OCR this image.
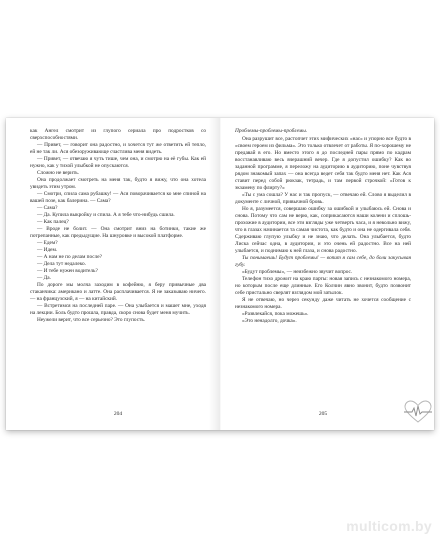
как Ангел смотрит из глупого сериала про подростков со сверхспособностями.

— Привет, — говорит она радостно, и хочется тут же ответить ей тепло, ей не так ли. Ася обезоруживающе счастлива меня видеть.

— Привет, — отвечаю я чуть тише, чем она, и смотрю на её губы. Как ей нужно, как у тихой улыбкой не опускаются.

Сложно не верить.

Она продолжает смотреть на меня так, будто я вижу, что она хотела увидеть этим утром.

— Смотри, спила сама рубашку! — Ася поворачивается ко мне спиной на вашей позе, как балерина. — Сама?

— Сама?

— Да. Купила выкройку и спила. А я тебе что-нибудь сшила.

— Как палец?

— Вроде не болит. — Она смотрит вниз на ботинки, такие же потрепанные, как предыдущие. На шнуровке и высокой платформе.

— Едем?

— Идем.

— А нам не по делам после?

— Дела тут недалеко.

— И тебе нужен водитель?

— Да.

По дороге мы молча заходим в кофейню, я беру привычные два стаканчика: американо и латте. Она расплачивается. Я не заказываю ничего. — на французский, я — на китайский.

— Встретимся на последней паре. — Она улыбается и машет мне, уходя на лекции. Боль будто прошла, правда, скоро снова будет меня мучить.

Неужели верит, что все серьезно? Это глупость.

Проблемы-проблемы-проблемы.

Она разрушит все, растопчет этих мифических «нас» и упорно все будто в «своем героем из фильма». Это только отвлечет от работы. Я по-хорошему не предавай в его. Но вместо этого я до последней пары прямо по кадрам восстанавливаю весь вчерашний вечер. Где я допустил ошибку? Как во заданной программе, я переложу на аудиторию в аудиторию, поне чувствуя рядом знакомый запах — она всегда ведет себя так будто меня нет. Как Ася ставит перед собой рюкзак, тетрадь, и там первой строчкой: «Готов к экзамену по флирту?»

«Ты с ума сошла? У нас и так пропуск, — отвечаю ей. Слово я выделил в документе с личной, привычной бровь.

Но я, разумеется, совершаю ошибку за ошибкой и улыбаюсь ей. Снова и снова. Потому что сам не верю, как, соприкасаются наши колени и сплошь-прохожие в аудитории, все эти взгляды уже четверть часа, и я невольно вижу, что в глазах начинается та самая чистота, как будто и она не одергивала себя. Сдерживаю глупую улыбку и не знаю, что делать. Она улыбается, будто Лиска сейчас одна, в аудитории, и это очень ей радостно. Все на ней улыбается, и поднимаю к ней глаза, и снова радостно.

Ты понимаешь! Будут проблемы! — вопит я сам себе, до боли закусывая губу.

«Будут проблемы», — неизбежно звучит вопрос.

Телефон тихо дрожит на краю парты: новая запись с незнакомого номера, но которым после еще длинные. Его Колчин явно звонит, будто позвонит себе пристально сверлят взглядом мой затылок.

Я не отвечаю, но через секунду даже читать не хочется сообщение с незнакомого номера.

«Развлекайся, пока можешь».

«Это ненадолго, дочка».

204	205
multicom.by
